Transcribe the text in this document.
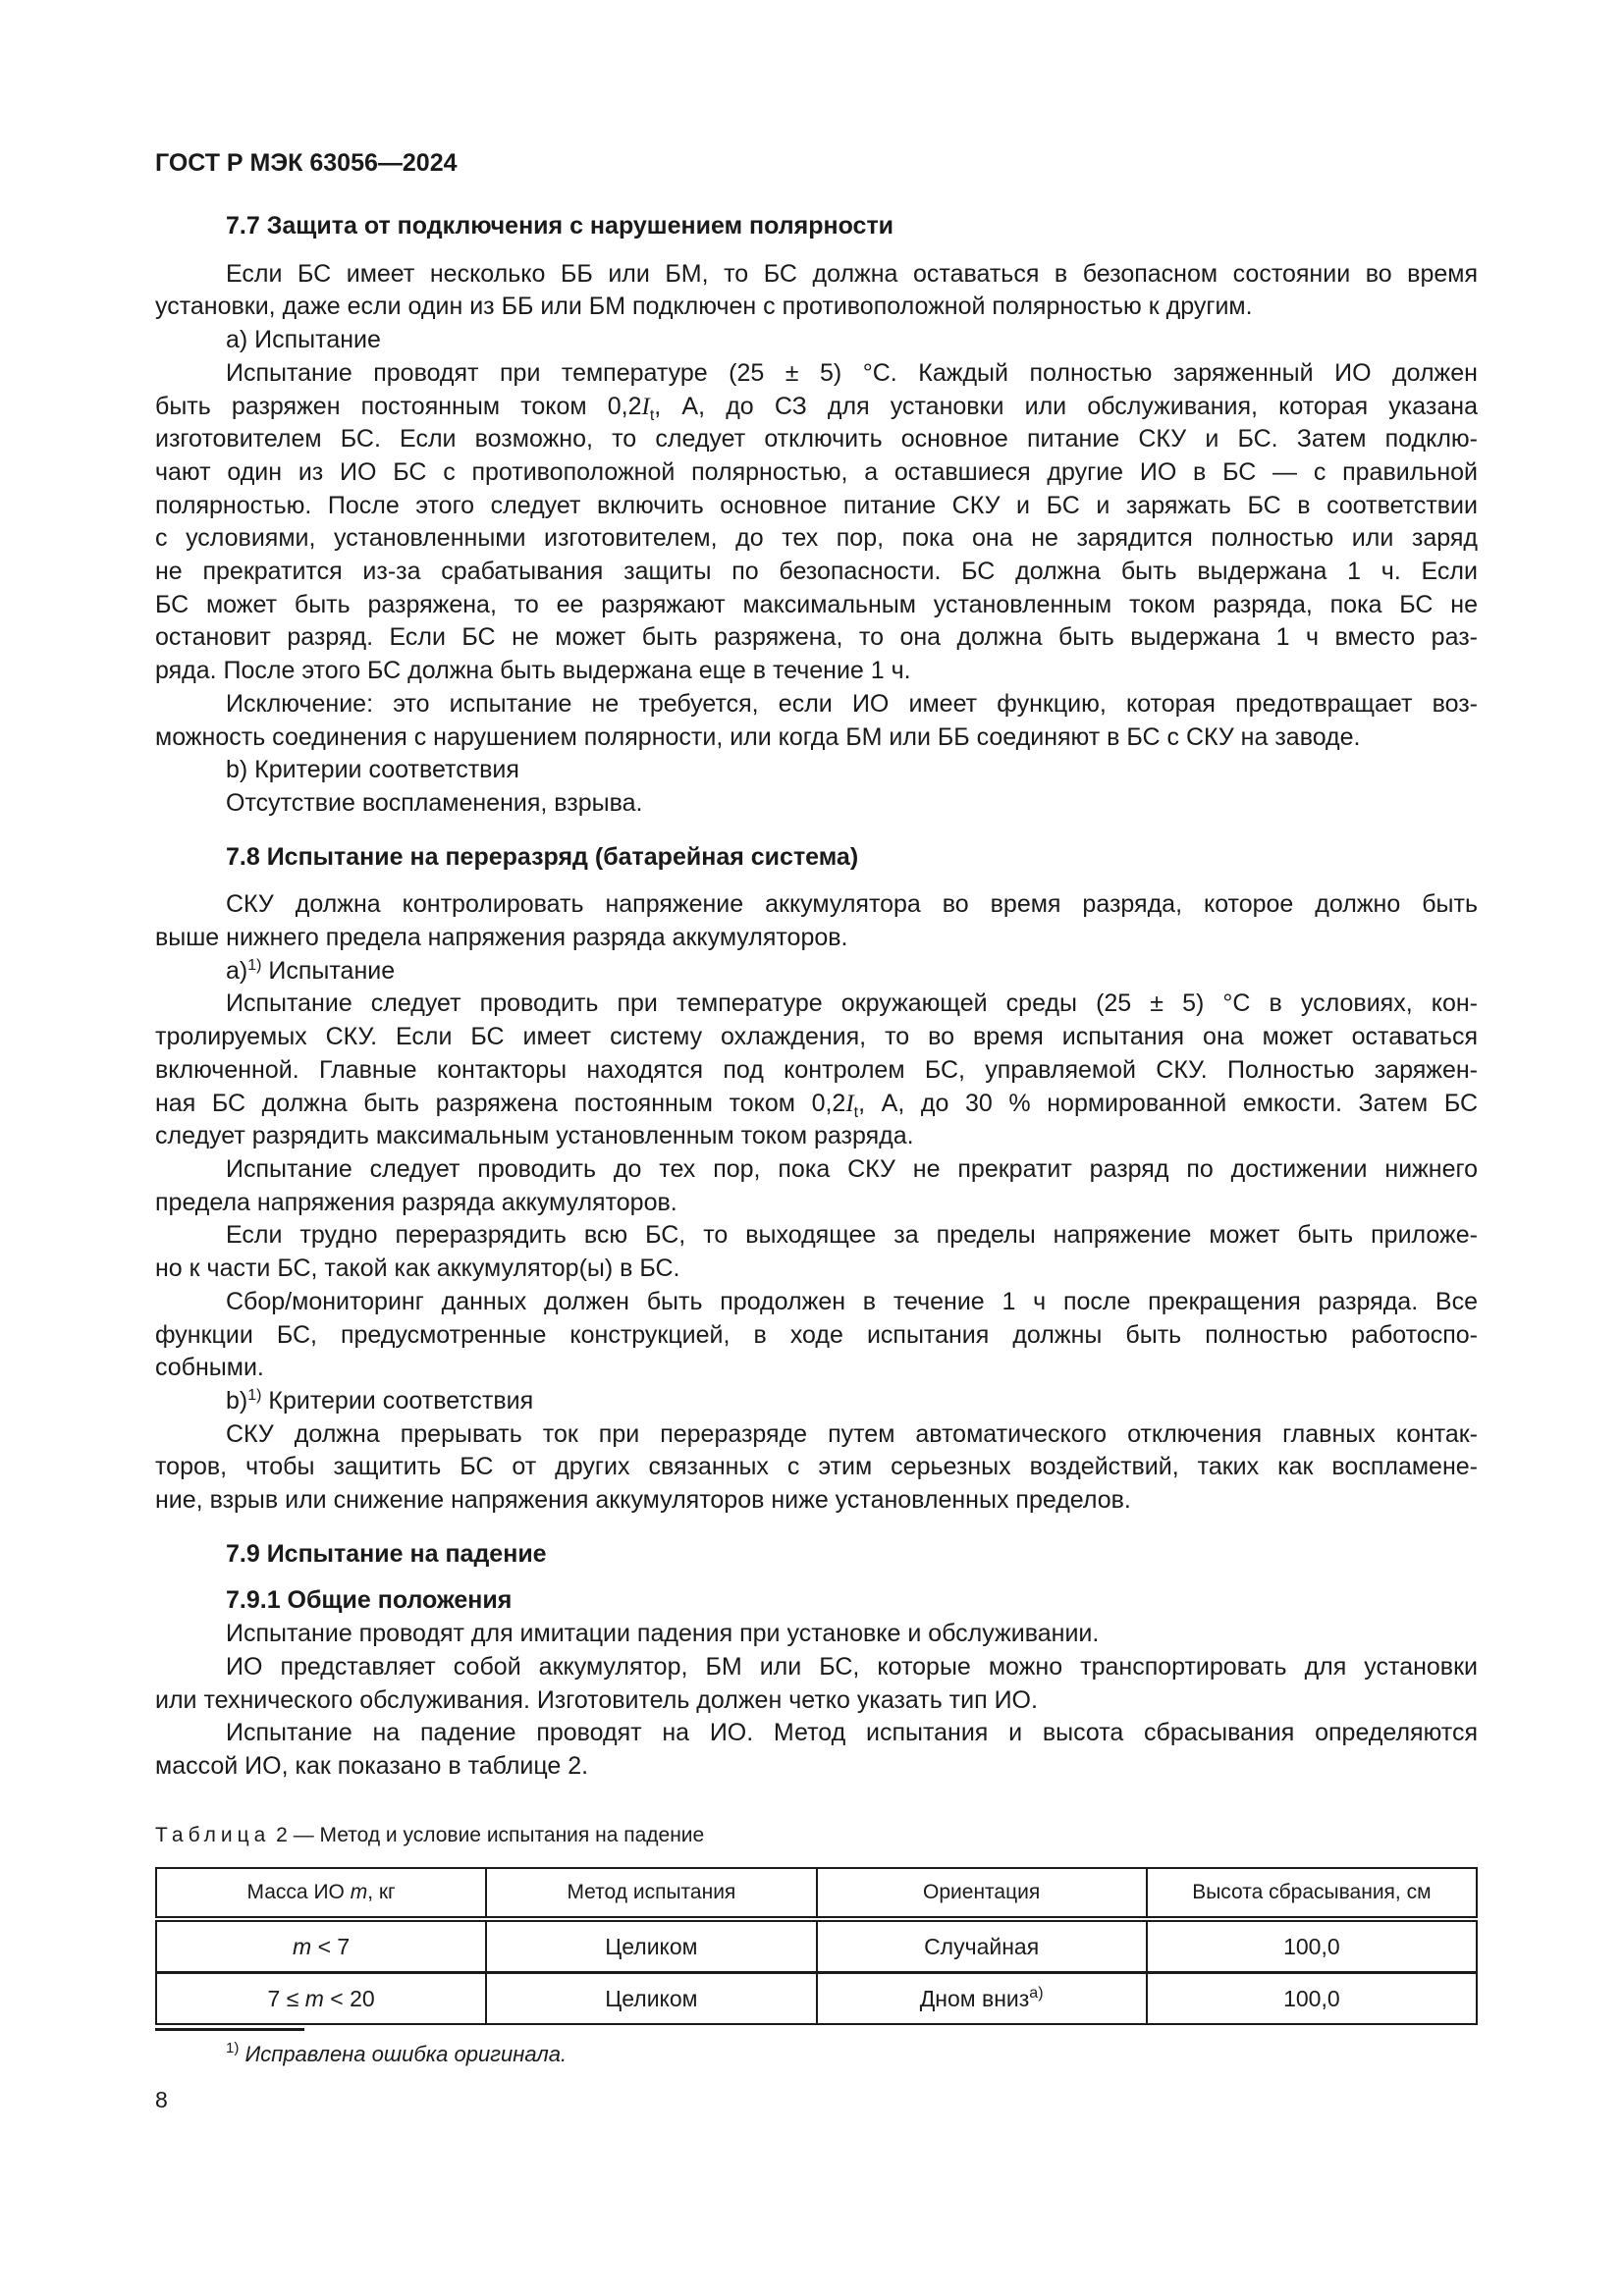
ГОСТ Р МЭК 63056—2024
7.7 Защита от подключения с нарушением полярности
Если БС имеет несколько ББ или БМ, то БС должна оставаться в безопасном состоянии во время
установки, даже если один из ББ или БМ подключен с противоположной полярностью к другим.
a) Испытание
Испытание проводят при температуре (25 ± 5) °С. Каждый полностью заряженный ИО должен
быть разряжен постоянным током $0,2I_t$, А, до СЗ для установки или обслуживания, которая указана
изготовителем БС. Если возможно, то следует отключить основное питание СКУ и БС. Затем подклю-
чают один из ИО БС с противоположной полярностью, а оставшиеся другие ИО в БС — с правильной
полярностью. После этого следует включить основное питание СКУ и БС и заряжать БС в соответствии
с условиями, установленными изготовителем, до тех пор, пока она не зарядится полностью или заряд
не прекратится из-за срабатывания защиты по безопасности. БС должна быть выдержана 1 ч. Если
БС может быть разряжена, то ее разряжают максимальным установленным током разряда, пока БС не
остановит разряд. Если БС не может быть разряжена, то она должна быть выдержана 1 ч вместо раз-
ряда. После этого БС должна быть выдержана еще в течение 1 ч.
Исключение: это испытание не требуется, если ИО имеет функцию, которая предотвращает воз-
можность соединения с нарушением полярности, или когда БМ или ББ соединяют в БС с СКУ на заводе.
b) Критерии соответствия
Отсутствие воспламенения, взрыва.
7.8 Испытание на переразряд (батарейная система)
СКУ должна контролировать напряжение аккумулятора во время разряда, которое должно быть
выше нижнего предела напряжения разряда аккумуляторов.
a)$^{1)}$ Испытание
Испытание следует проводить при температуре окружающей среды (25 ± 5) °С в условиях, кон-
тролируемых СКУ. Если БС имеет систему охлаждения, то во время испытания она может оставаться
включенной. Главные контакторы находятся под контролем БС, управляемой СКУ. Полностью заряжен-
ная БС должна быть разряжена постоянным током $0,2I_t$, А, до 30 % нормированной емкости. Затем БС
следует разрядить максимальным установленным током разряда.
Испытание следует проводить до тех пор, пока СКУ не прекратит разряд по достижении нижнего
предела напряжения разряда аккумуляторов.
Если трудно переразрядить всю БС, то выходящее за пределы напряжение может быть приложе-
но к части БС, такой как аккумулятор(ы) в БС.
Сбор/мониторинг данных должен быть продолжен в течение 1 ч после прекращения разряда. Все
функции БС, предусмотренные конструкцией, в ходе испытания должны быть полностью работоспо-
собными.
b)$^{1)}$ Критерии соответствия
СКУ должна прерывать ток при переразряде путем автоматического отключения главных контак-
торов, чтобы защитить БС от других связанных с этим серьезных воздействий, таких как воспламене-
ние, взрыв или снижение напряжения аккумуляторов ниже установленных пределов.
7.9 Испытание на падение
7.9.1 Общие положения
Испытание проводят для имитации падения при установке и обслуживании.
ИО представляет собой аккумулятор, БМ или БС, которые можно транспортировать для установки
или технического обслуживания. Изготовитель должен четко указать тип ИО.
Испытание на падение проводят на ИО. Метод испытания и высота сбрасывания определяются
массой ИО, как показано в таблице 2.
Таблица 2 — Метод и условие испытания на падение
Масса ИО m, кг	Метод испытания	Ориентация	Высота сбрасывания, см
m < 7	Целиком	Случайная	100,0
7 ≤ m < 20	Целиком	Дном вниз$^{a)}$	100,0
$^{1)}$ Исправлена ошибка оригинала.
8
